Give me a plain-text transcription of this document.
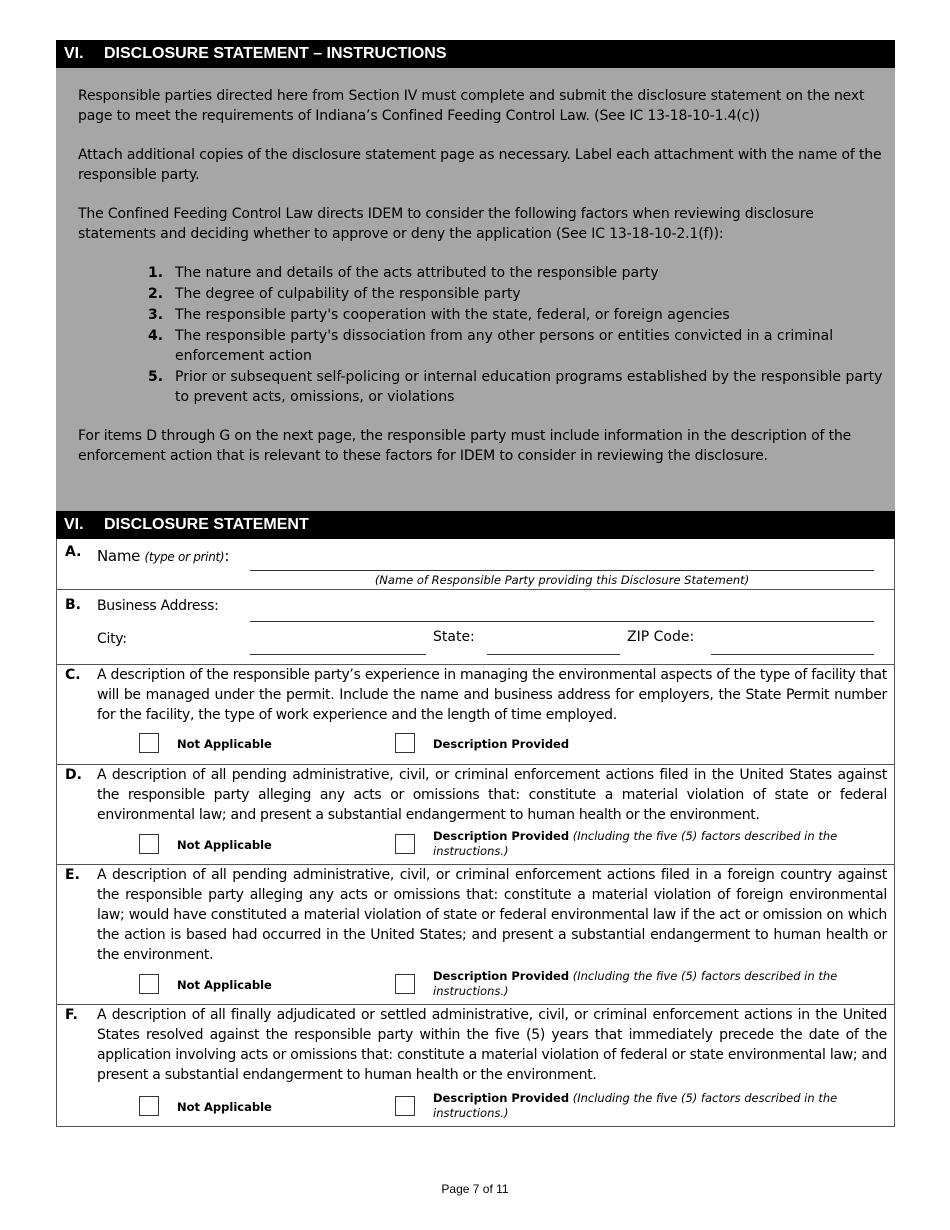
VI. DISCLOSURE STATEMENT – INSTRUCTIONS

Responsible parties directed here from Section IV must complete and submit the disclosure statement on the next page to meet the requirements of Indiana’s Confined Feeding Control Law. (See IC 13-18-10-1.4(c))

Attach additional copies of the disclosure statement page as necessary. Label each attachment with the name of the responsible party.

The Confined Feeding Control Law directs IDEM to consider the following factors when reviewing disclosure statements and deciding whether to approve or deny the application (See IC 13-18-10-2.1(f)):

1. The nature and details of the acts attributed to the responsible party
2. The degree of culpability of the responsible party
3. The responsible party's cooperation with the state, federal, or foreign agencies
4. The responsible party's dissociation from any other persons or entities convicted in a criminal enforcement action
5. Prior or subsequent self-policing or internal education programs established by the responsible party to prevent acts, omissions, or violations

For items D through G on the next page, the responsible party must include information in the description of the enforcement action that is relevant to these factors for IDEM to consider in reviewing the disclosure.

VI. DISCLOSURE STATEMENT
A. Name (type or print):
(Name of Responsible Party providing this Disclosure Statement)
B. Business Address:
City:	State:	ZIP Code:
C. A description of the responsible party’s experience in managing the environmental aspects of the type of facility that will be managed under the permit. Include the name and business address for employers, the State Permit number for the facility, the type of work experience and the length of time employed.
Not Applicable	Description Provided
D. A description of all pending administrative, civil, or criminal enforcement actions filed in the United States against the responsible party alleging any acts or omissions that: constitute a material violation of state or federal environmental law; and present a substantial endangerment to human health or the environment.
Not Applicable
Description Provided (Including the five (5) factors described in the instructions.)
E. A description of all pending administrative, civil, or criminal enforcement actions filed in a foreign country against the responsible party alleging any acts or omissions that: constitute a material violation of foreign environmental law; would have constituted a material violation of state or federal environmental law if the act or omission on which the action is based had occurred in the United States; and present a substantial endangerment to human health or the environment.
Not Applicable
Description Provided (Including the five (5) factors described in the instructions.)
F. A description of all finally adjudicated or settled administrative, civil, or criminal enforcement actions in the United States resolved against the responsible party within the five (5) years that immediately precede the date of the application involving acts or omissions that: constitute a material violation of federal or state environmental law; and present a substantial endangerment to human health or the environment.
Not Applicable
Description Provided (Including the five (5) factors described in the instructions.)
Page 7 of 11
